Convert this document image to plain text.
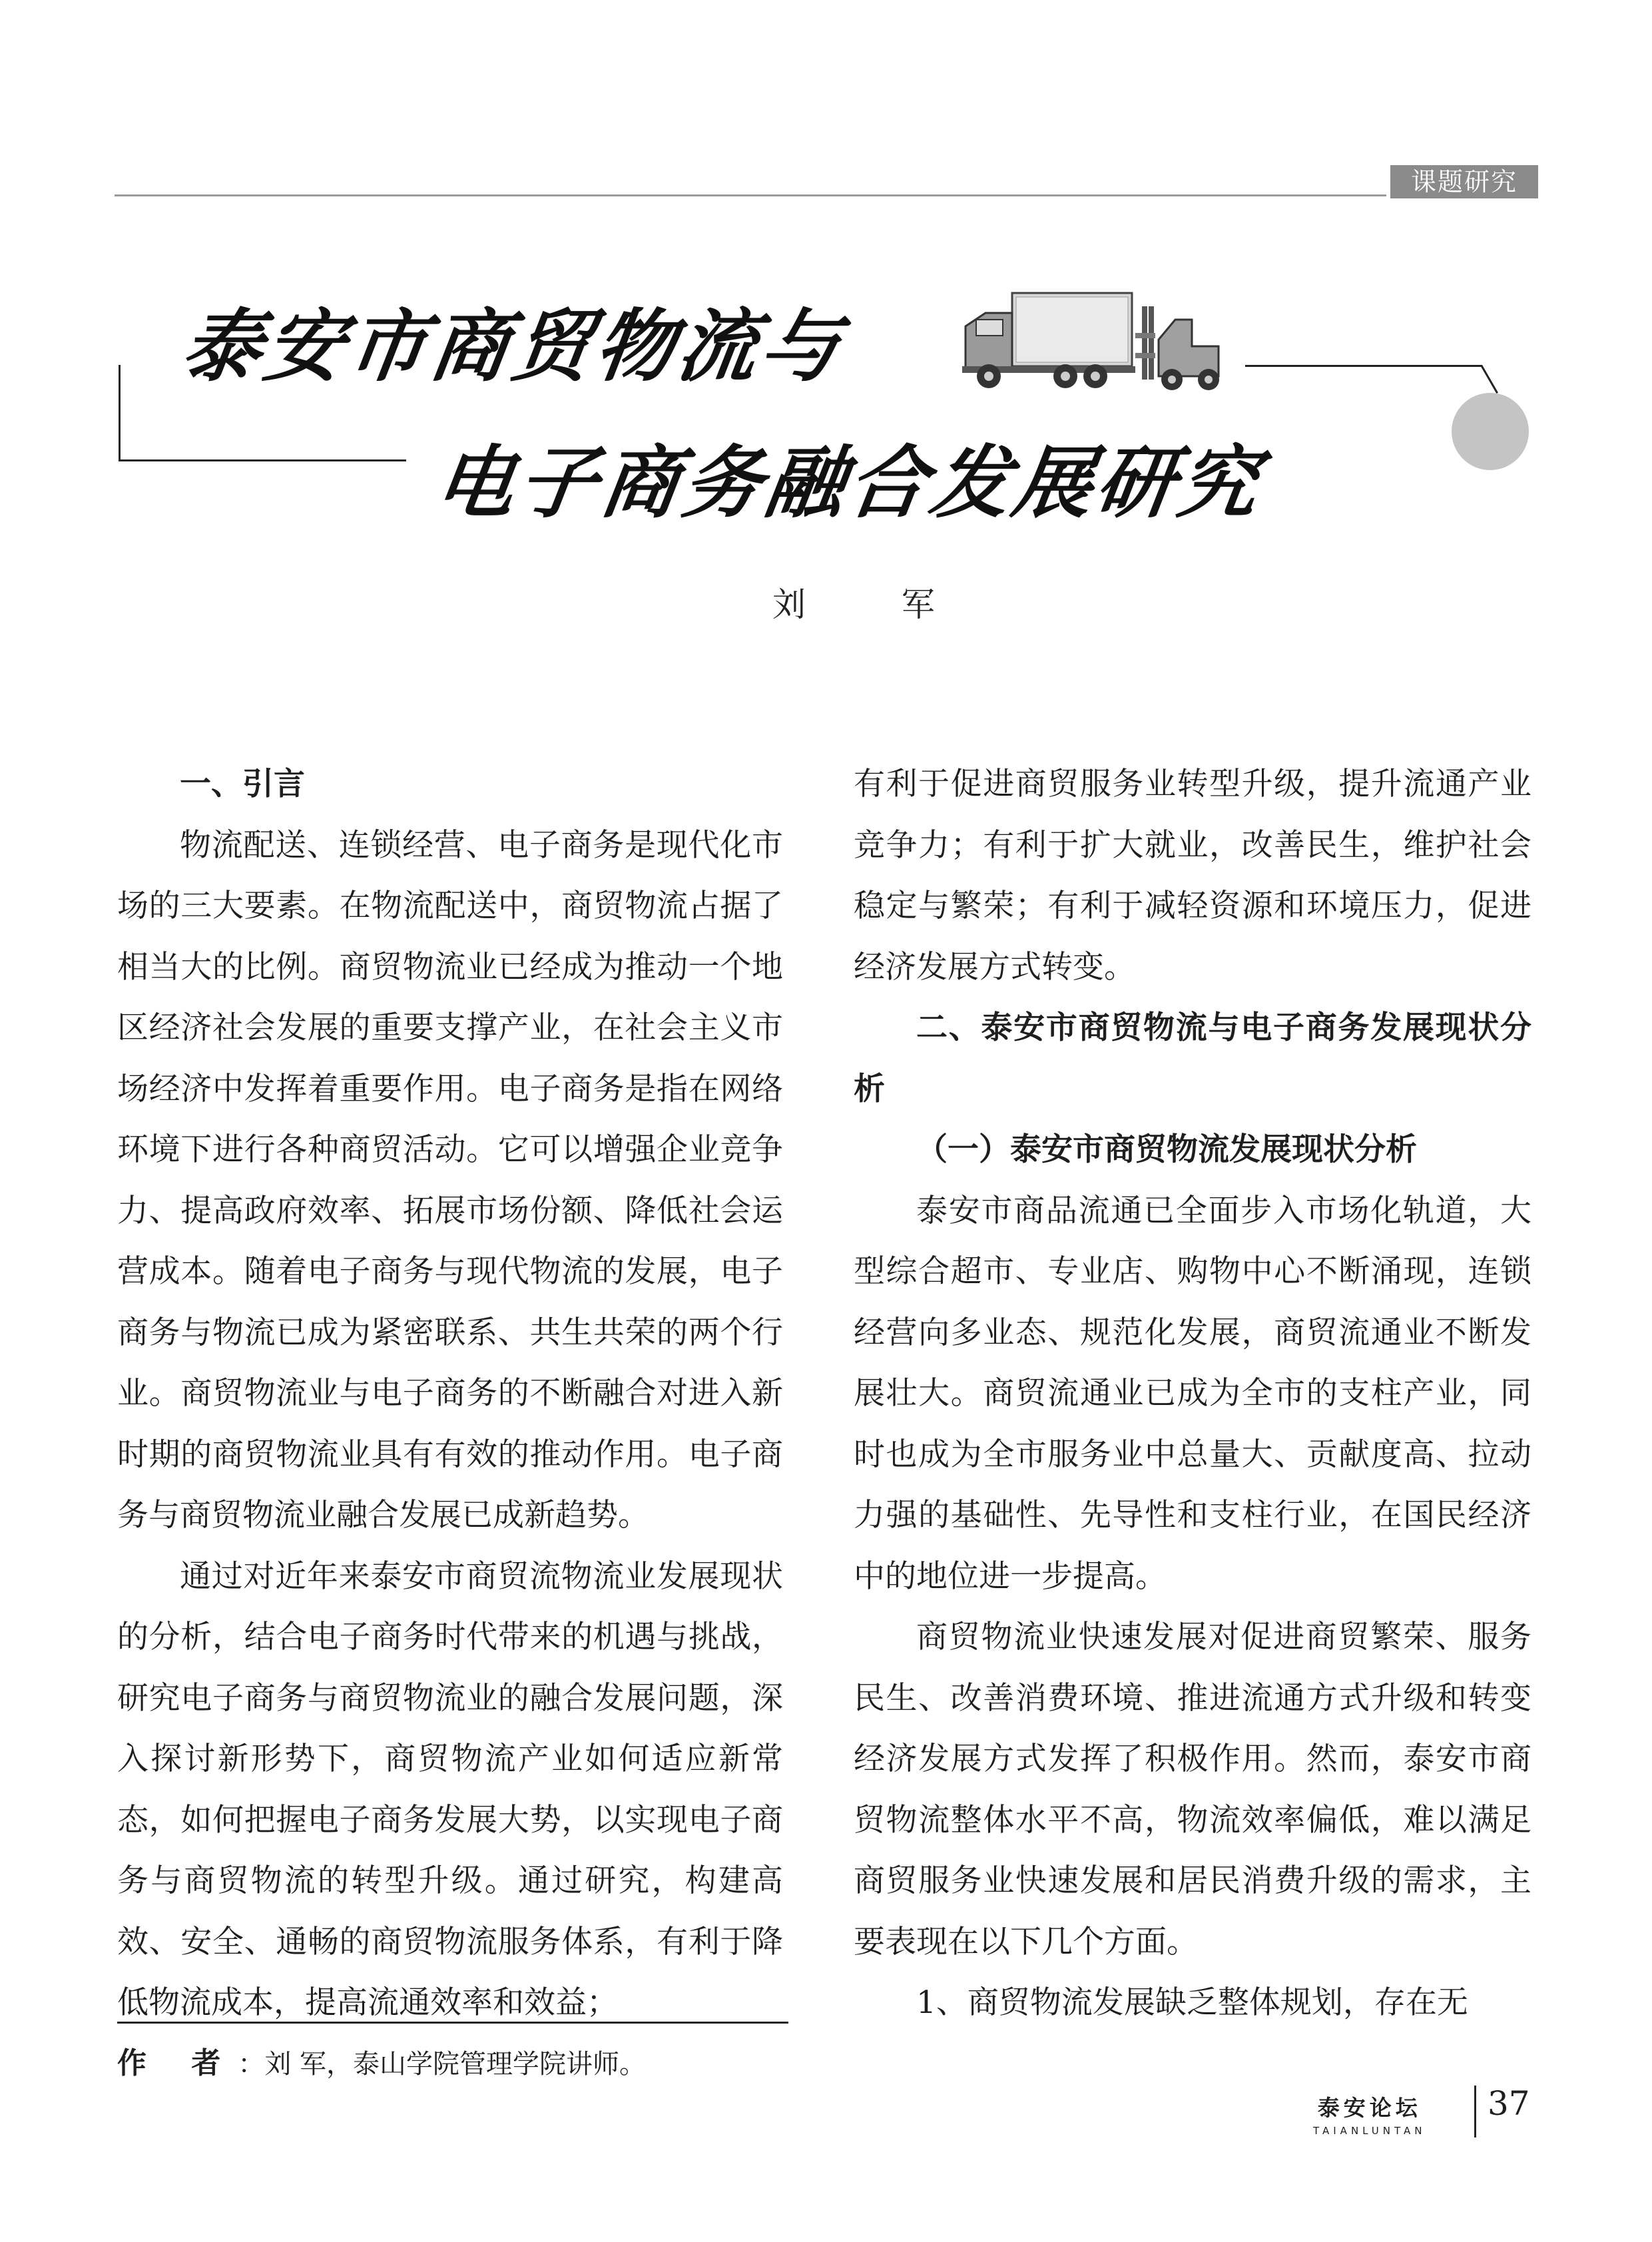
课题研究
泰安市商贸物流与
电子商务融合发展研究
刘 军

一、引言

物流配送、连锁经营、电子商务是现代化市场的三大要素。在物流配送中，商贸物流占据了相当大的比例。商贸物流业已经成为推动一个地区经济社会发展的重要支撑产业，在社会主义市场经济中发挥着重要作用。电子商务是指在网络环境下进行各种商贸活动。它可以增强企业竞争力、提高政府效率、拓展市场份额、降低社会运营成本。随着电子商务与现代物流的发展，电子商务与物流已成为紧密联系、共生共荣的两个行业。商贸物流业与电子商务的不断融合对进入新时期的商贸物流业具有有效的推动作用。电子商务与商贸物流业融合发展已成新趋势。

通过对近年来泰安市商贸流物流业发展现状的分析，结合电子商务时代带来的机遇与挑战，研究电子商务与商贸物流业的融合发展问题，深入探讨新形势下，商贸物流产业如何适应新常态，如何把握电子商务发展大势，以实现电子商务与商贸物流的转型升级。通过研究，构建高效、安全、通畅的商贸物流服务体系，有利于降低物流成本，提高流通效率和效益；

有利于促进商贸服务业转型升级，提升流通产业竞争力；有利于扩大就业，改善民生，维护社会稳定与繁荣；有利于减轻资源和环境压力，促进经济发展方式转变。

二、泰安市商贸物流与电子商务发展现状分析

（一）泰安市商贸物流发展现状分析

泰安市商品流通已全面步入市场化轨道，大型综合超市、专业店、购物中心不断涌现，连锁经营向多业态、规范化发展，商贸流通业不断发展壮大。商贸流通业已成为全市的支柱产业，同时也成为全市服务业中总量大、贡献度高、拉动力强的基础性、先导性和支柱行业，在国民经济中的地位进一步提高。

商贸物流业快速发展对促进商贸繁荣、服务民生、改善消费环境、推进流通方式升级和转变经济发展方式发挥了积极作用。然而，泰安市商贸物流整体水平不高，物流效率偏低，难以满足商贸服务业快速发展和居民消费升级的需求，主要表现在以下几个方面。

1、商贸物流发展缺乏整体规划，存在无

作 者：刘 军，泰山学院管理学院讲师。
泰安论坛
TAIANLUNTAN
37
